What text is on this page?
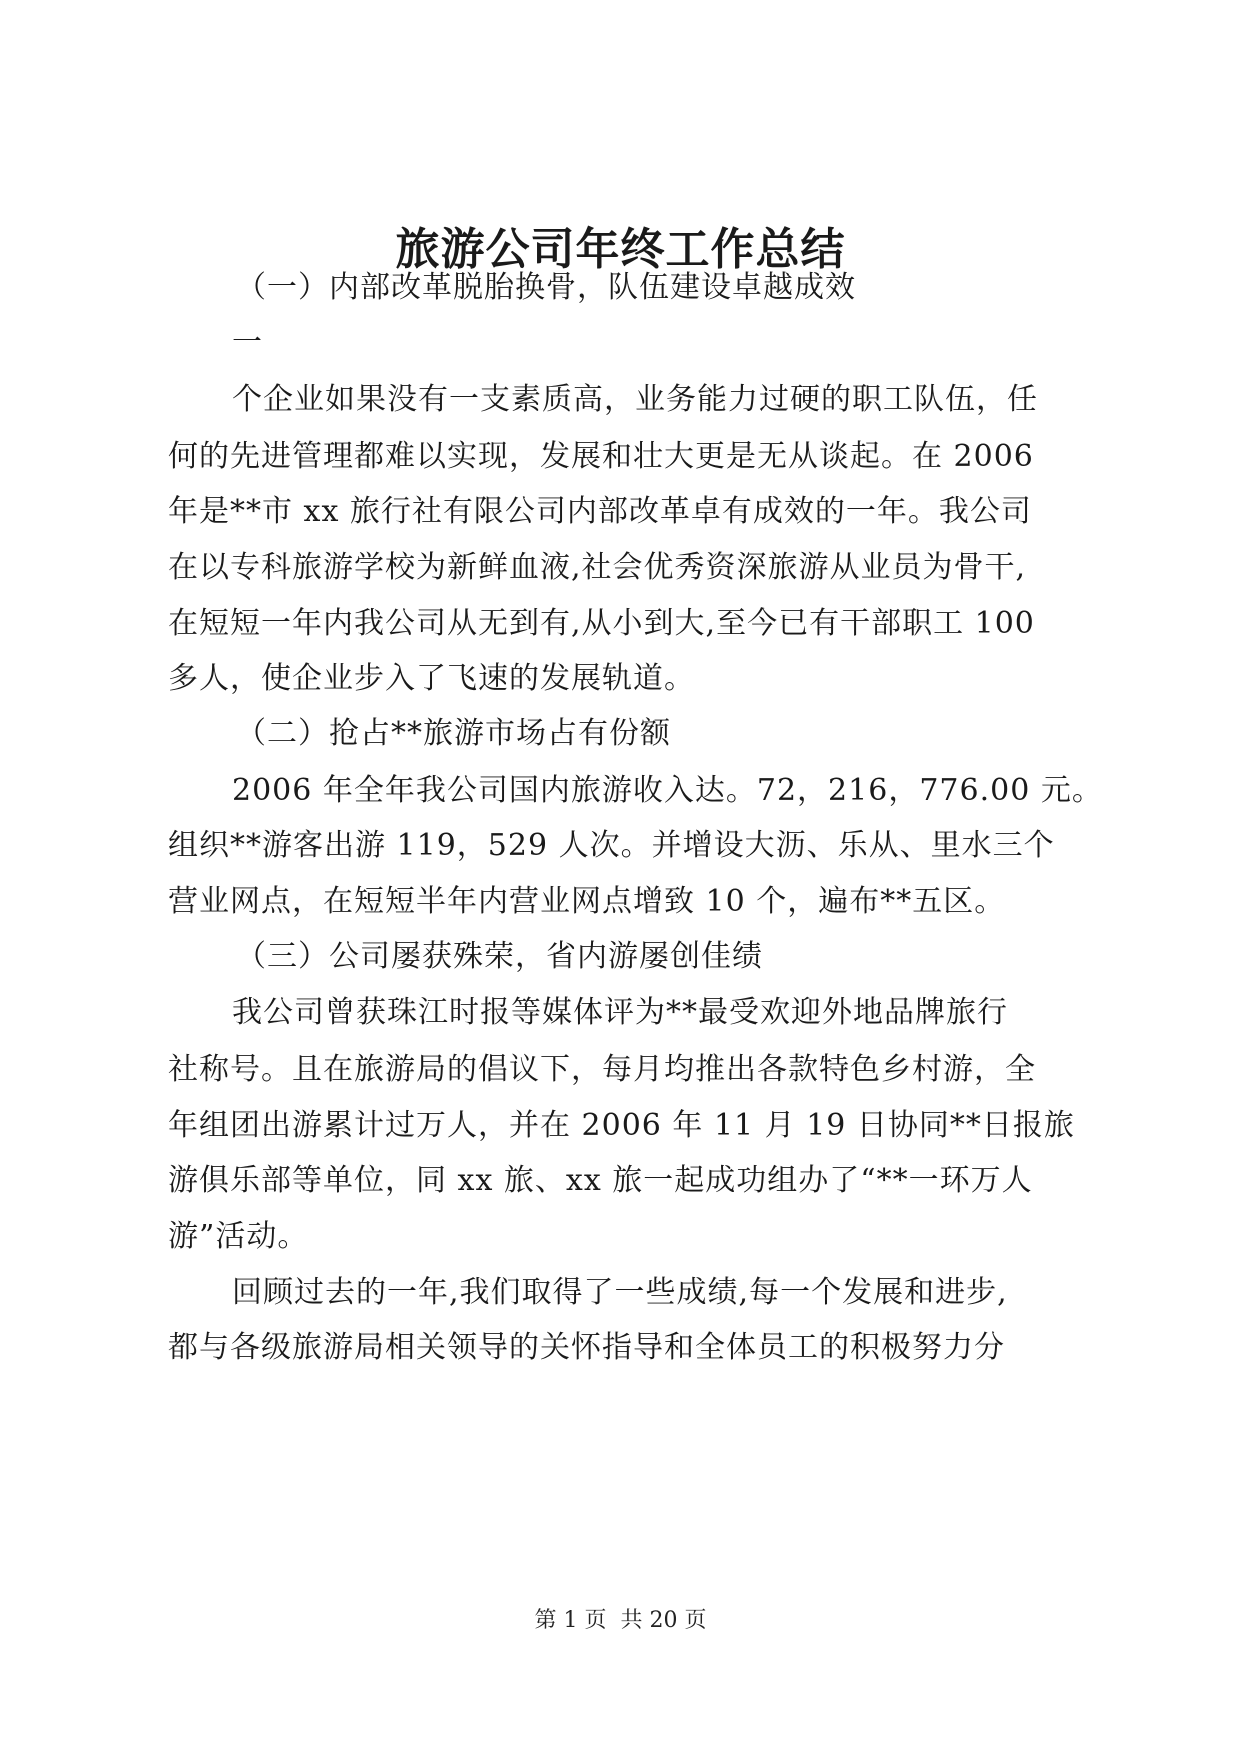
旅游公司年终工作总结
（一）内部改革脱胎换骨，队伍建设卓越成效
一
个企业如果没有一支素质高，业务能力过硬的职工队伍，任
何的先进管理都难以实现，发展和壮大更是无从谈起。在 2006
年是**市 xx 旅行社有限公司内部改革卓有成效的一年。我公司
在以专科旅游学校为新鲜血液,社会优秀资深旅游从业员为骨干,
在短短一年内我公司从无到有,从小到大,至今已有干部职工 100
多人，使企业步入了飞速的发展轨道。
（二）抢占**旅游市场占有份额
2006 年全年我公司国内旅游收入达。72，216，776.00 元。
组织**游客出游 119，529 人次。并增设大沥、乐从、里水三个
营业网点，在短短半年内营业网点增致 10 个，遍布**五区。
（三）公司屡获殊荣，省内游屡创佳绩
我公司曾获珠江时报等媒体评为**最受欢迎外地品牌旅行
社称号。且在旅游局的倡议下，每月均推出各款特色乡村游，全
年组团出游累计过万人，并在 2006 年 11 月 19 日协同**日报旅
游俱乐部等单位，同 xx 旅、xx 旅一起成功组办了“**一环万人
游”活动。
回顾过去的一年,我们取得了一些成绩,每一个发展和进步,
都与各级旅游局相关领导的关怀指导和全体员工的积极努力分
第 1 页 共 20 页
